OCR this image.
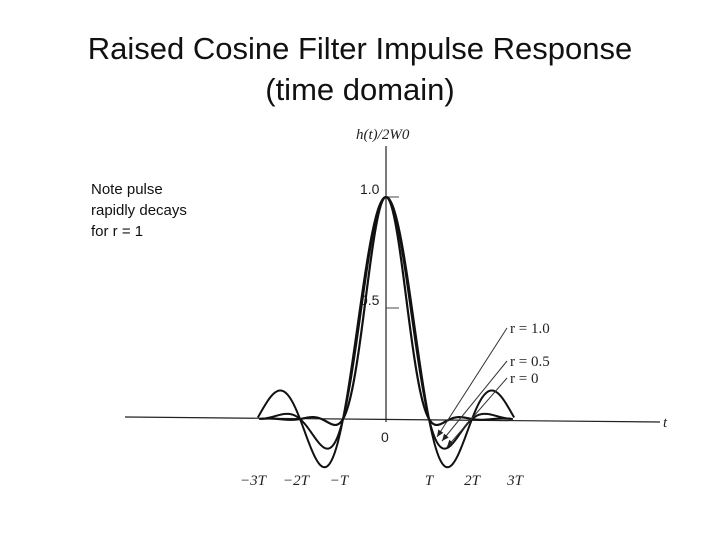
Raised Cosine Filter Impulse Response
(time domain)
Note pulse
rapidly decays
for r = 1
t
h(t)/2W0
1.0
0.5
0
−3T −2T −T	T 2T 3T
r = 1.0
r = 0.5
r = 0
